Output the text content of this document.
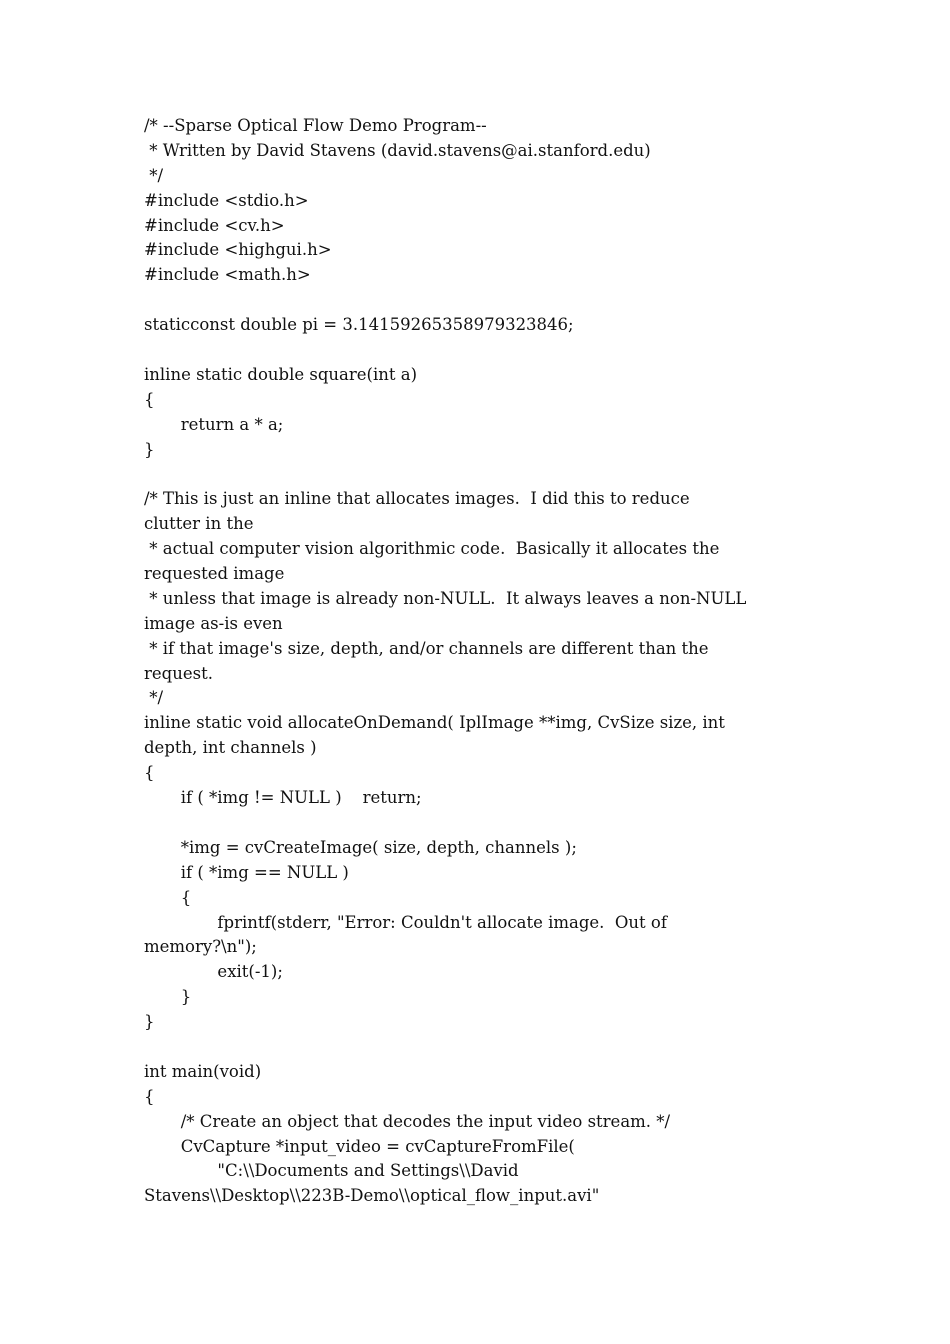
/* --Sparse Optical Flow Demo Program--
* Written by David Stavens (david.stavens@ai.stanford.edu)
*/
#include <stdio.h>
#include <cv.h>
#include <highgui.h>
#include <math.h>
staticconst double pi = 3.14159265358979323846;
inline static double square(int a)
{
return a * a;
}
/* This is just an inline that allocates images.  I did this to reduce
clutter in the
* actual computer vision algorithmic code.  Basically it allocates the
requested image
* unless that image is already non-NULL.  It always leaves a non-NULL
image as-is even
* if that image's size, depth, and/or channels are different than the
request.
*/
inline static void allocateOnDemand( IplImage **img, CvSize size, int
depth, int channels )
{
if ( *img != NULL )    return;
*img = cvCreateImage( size, depth, channels );
if ( *img == NULL )
{
fprintf(stderr, "Error: Couldn't allocate image.  Out of
memory?\n");
exit(-1);
}
}
int main(void)
{
/* Create an object that decodes the input video stream. */
CvCapture *input_video = cvCaptureFromFile(
"C:\\Documents and Settings\\David
Stavens\\Desktop\\223B-Demo\\optical_flow_input.avi"
